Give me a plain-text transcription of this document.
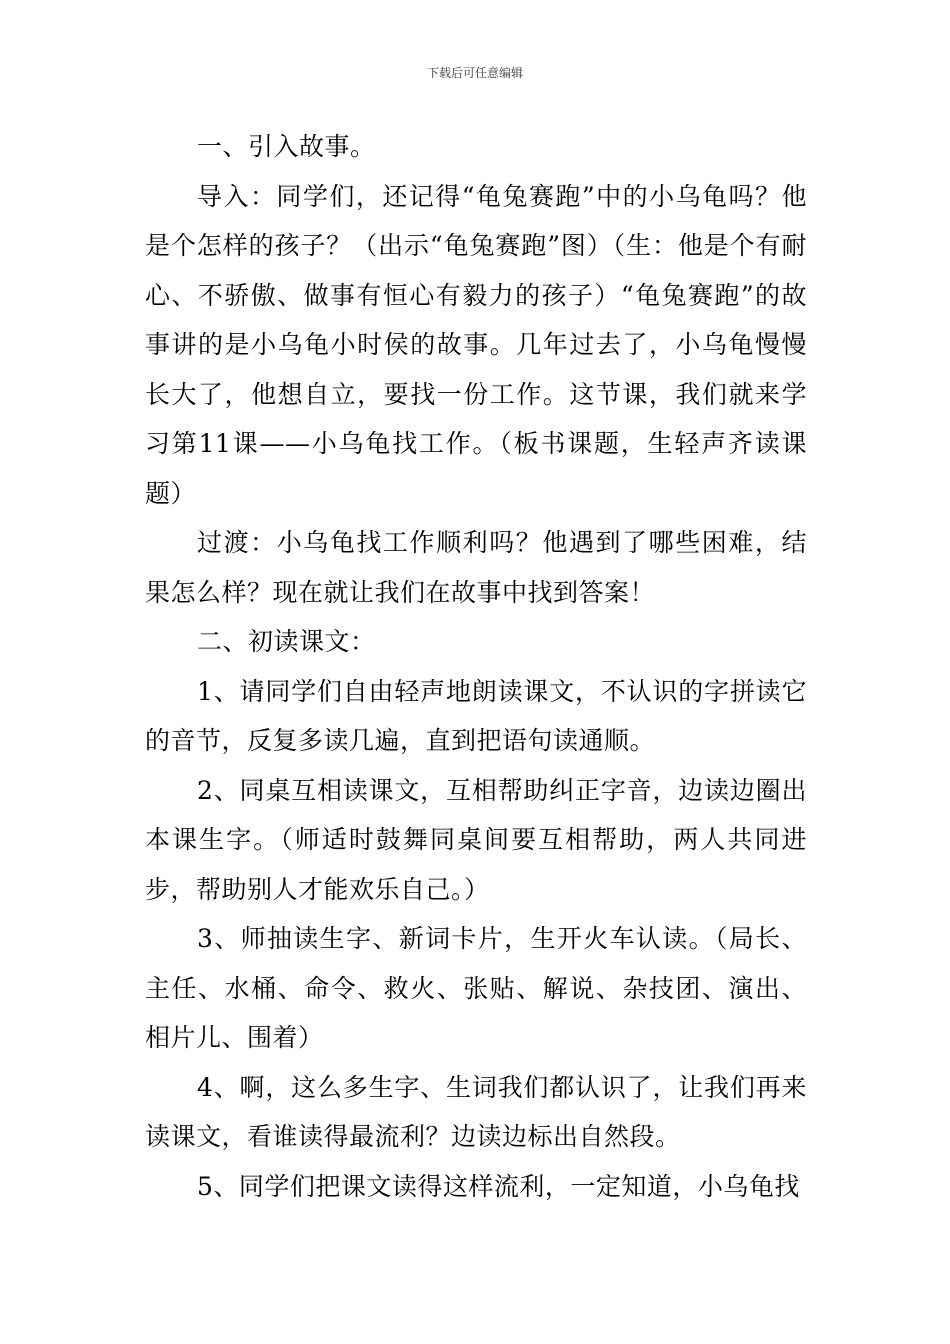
下载后可任意编辑

一、引入故事。

导入：同学们，还记得“龟兔赛跑”中的小乌龟吗？他是个怎样的孩子？（出示“龟兔赛跑”图）（生：他是个有耐心、不骄傲、做事有恒心有毅力的孩子）“龟兔赛跑”的故事讲的是小乌龟小时侯的故事。几年过去了，小乌龟慢慢长大了，他想自立，要找一份工作。这节课，我们就来学习第11课——小乌龟找工作。（板书课题，生轻声齐读课题）

过渡：小乌龟找工作顺利吗？他遇到了哪些困难，结果怎么样？现在就让我们在故事中找到答案！

二、初读课文：

1、请同学们自由轻声地朗读课文，不认识的字拼读它的音节，反复多读几遍，直到把语句读通顺。

2、同桌互相读课文，互相帮助纠正字音，边读边圈出本课生字。（师适时鼓舞同桌间要互相帮助，两人共同进步，帮助别人才能欢乐自己。）

3、师抽读生字、新词卡片，生开火车认读。（局长、主任、水桶、命令、救火、张贴、解说、杂技团、演出、相片儿、围着）

4、啊，这么多生字、生词我们都认识了，让我们再来读课文，看谁读得最流利？边读边标出自然段。

5、同学们把课文读得这样流利，一定知道，小乌龟找
